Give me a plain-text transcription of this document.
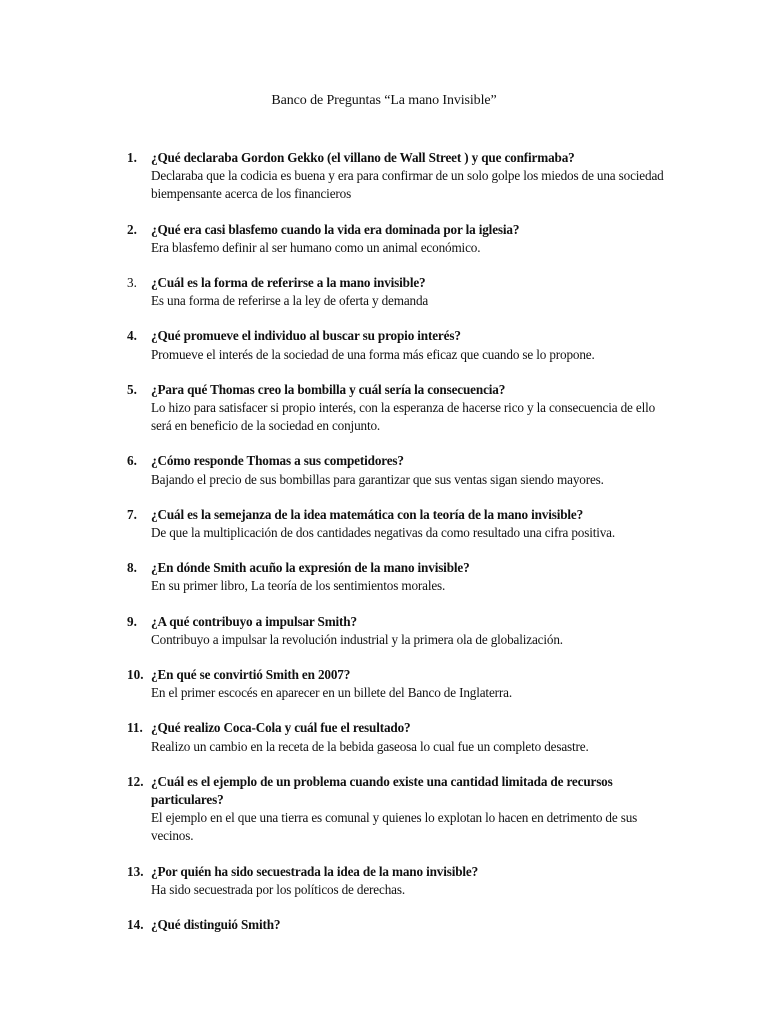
Banco de Preguntas “La mano Invisible”
1. ¿Qué declaraba Gordon Gekko (el villano de Wall Street ) y que confirmaba?
Declaraba que la codicia es buena y era para confirmar de un solo golpe los miedos de una sociedad biempensante acerca de los financieros
2. ¿Qué era casi blasfemo cuando la vida era dominada por la iglesia?
Era blasfemo definir al ser humano como un animal económico.
3. ¿Cuál es la forma de referirse a la mano invisible?
Es una forma de referirse a la ley de oferta y demanda
4. ¿Qué promueve el individuo al buscar su propio interés?
Promueve el interés de la sociedad de una forma más eficaz que cuando se lo propone.
5. ¿Para qué Thomas creo la bombilla y cuál sería la consecuencia?
Lo hizo para satisfacer si propio interés, con la esperanza de hacerse rico y la consecuencia de ello será en beneficio de la sociedad en conjunto.
6. ¿Cómo responde Thomas a sus competidores?
Bajando el precio de sus bombillas para garantizar que sus ventas sigan siendo mayores.
7. ¿Cuál es la semejanza de la idea matemática con la teoría de la mano invisible?
De que la multiplicación de dos cantidades negativas da como resultado una cifra positiva.
8. ¿En dónde Smith acuño la expresión de la mano invisible?
En su primer libro, La teoría de los sentimientos morales.
9. ¿A qué contribuyo a impulsar Smith?
Contribuyo a impulsar la revolución industrial y la primera ola de globalización.
10. ¿En qué se convirtió Smith en 2007?
En el primer escocés en aparecer en un billete del Banco de Inglaterra.
11. ¿Qué realizo Coca-Cola y cuál fue el resultado?
Realizo un cambio en la receta de la bebida gaseosa lo cual fue un completo desastre.
12. ¿Cuál es el ejemplo de un problema cuando existe una cantidad limitada de recursos particulares?
El ejemplo en el que una tierra es comunal y quienes lo explotan lo hacen en detrimento de sus vecinos.
13. ¿Por quién ha sido secuestrada la idea de la mano invisible?
Ha sido secuestrada por los políticos de derechas.
14. ¿Qué distinguió Smith?
